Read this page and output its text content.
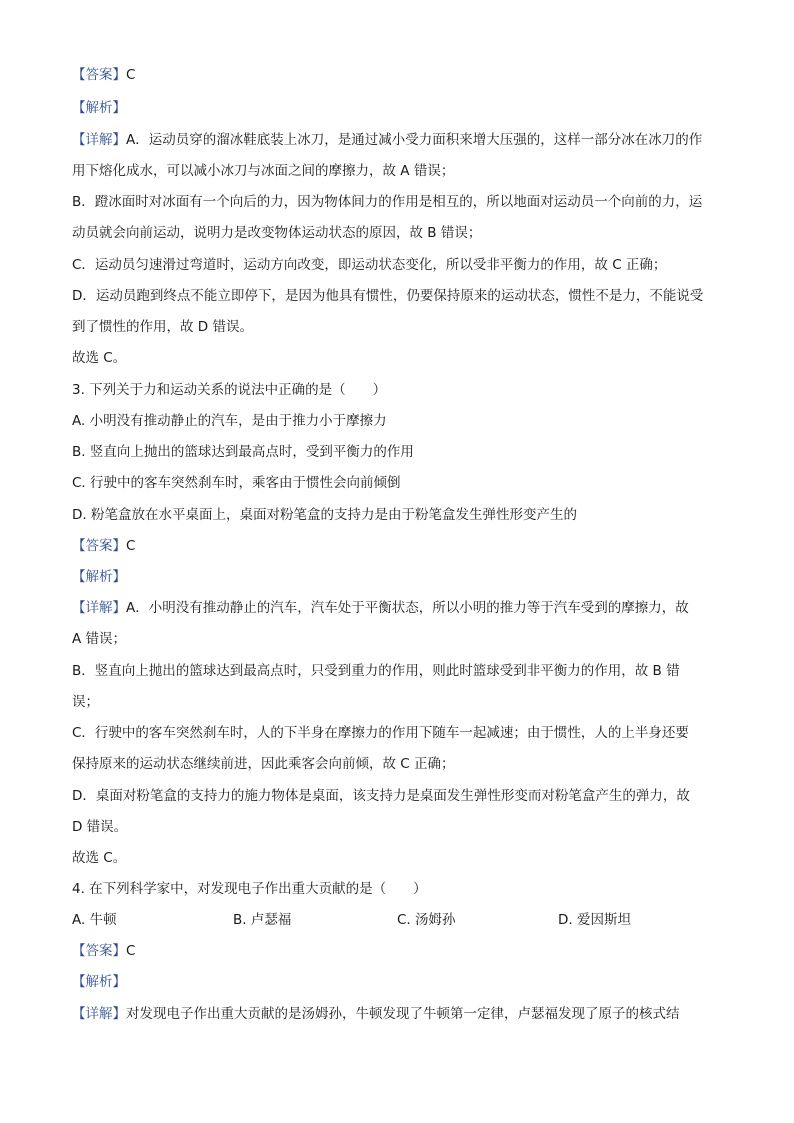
【答案】C
【解析】
【详解】A．运动员穿的溜冰鞋底装上冰刀，是通过减小受力面积来增大压强的，这样一部分冰在冰刀的作
用下熔化成水，可以减小冰刀与冰面之间的摩擦力，故 A 错误；
B．蹬冰面时对冰面有一个向后的力，因为物体间力的作用是相互的，所以地面对运动员一个向前的力，运
动员就会向前运动，说明力是改变物体运动状态的原因，故 B 错误；
C．运动员匀速滑过弯道时，运动方向改变，即运动状态变化，所以受非平衡力的作用，故 C 正确；
D．运动员跑到终点不能立即停下，是因为他具有惯性，仍要保持原来的运动状态，惯性不是力，不能说受
到了惯性的作用，故 D 错误。
故选 C。
3. 下列关于力和运动关系的说法中正确的是（　　）
A. 小明没有推动静止的汽车，是由于推力小于摩擦力
B. 竖直向上抛出的篮球达到最高点时，受到平衡力的作用
C. 行驶中的客车突然刹车时，乘客由于惯性会向前倾倒
D. 粉笔盒放在水平桌面上，桌面对粉笔盒的支持力是由于粉笔盒发生弹性形变产生的
【答案】C
【解析】
【详解】A．小明没有推动静止的汽车，汽车处于平衡状态，所以小明的推力等于汽车受到的摩擦力，故
A 错误；
B．竖直向上抛出的篮球达到最高点时，只受到重力的作用，则此时篮球受到非平衡力的作用，故 B 错
误；
C．行驶中的客车突然刹车时，人的下半身在摩擦力的作用下随车一起减速；由于惯性，人的上半身还要
保持原来的运动状态继续前进，因此乘客会向前倾，故 C 正确；
D．桌面对粉笔盒的支持力的施力物体是桌面，该支持力是桌面发生弹性形变而对粉笔盒产生的弹力，故
D 错误。
故选 C。
4. 在下列科学家中，对发现电子作出重大贡献的是（　　）
A. 牛顿	B. 卢瑟福	C. 汤姆孙	D. 爱因斯坦
【答案】C
【解析】
【详解】对发现电子作出重大贡献的是汤姆孙，牛顿发现了牛顿第一定律，卢瑟福发现了原子的核式结
